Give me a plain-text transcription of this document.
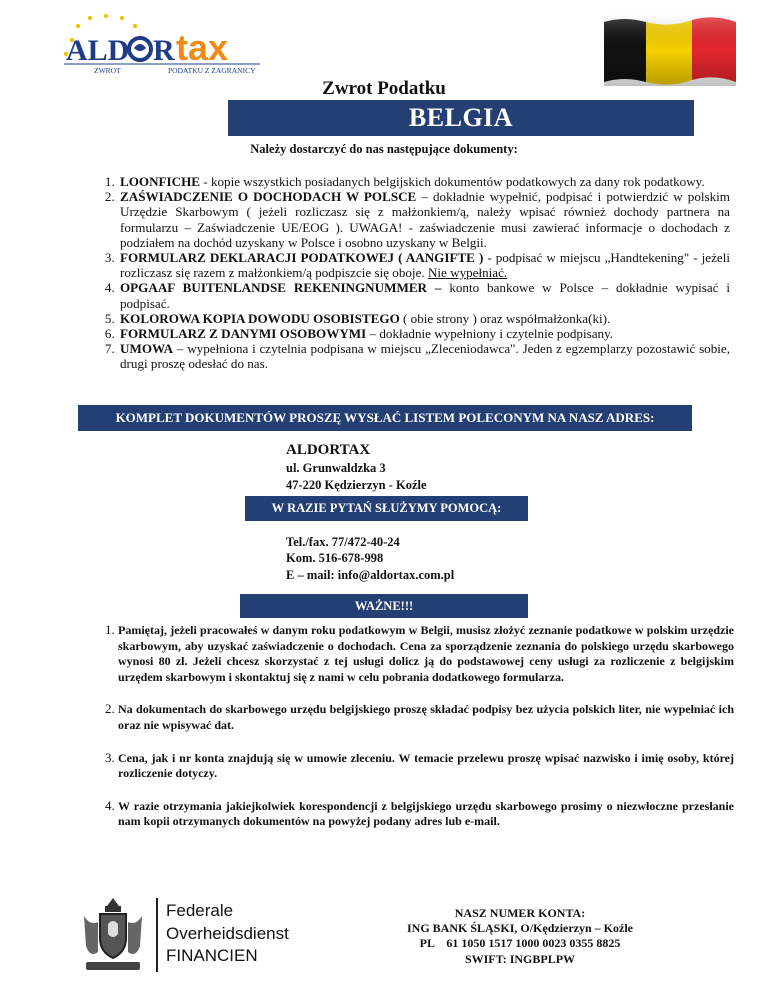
ALD R tax
ZWROT	PODATKU Z ZAGRANICY
Zwrot Podatku
BELGIA
Należy dostarczyć do nas następujące dokumenty:
1. LOONFICHE - kopie wszystkich posiadanych belgijskich dokumentów podatkowych za dany rok podatkowy.
2. ZAŚWIADCZENIE O DOCHODACH W POLSCE – dokładnie wypełnić, podpisać i potwierdzić w polskim Urzędzie Skarbowym ( jeżeli rozliczasz się z małżonkiem/ą, należy wpisać również dochody partnera na formularzu – Zaświadczenie UE/EOG ). UWAGA! - zaświadczenie musi zawierać informacje o dochodach z podziałem na dochód uzyskany w Polsce i osobno uzyskany w Belgii.
3. FORMULARZ DEKLARACJI PODATKOWEJ ( AANGIFTE ) - podpisać w miejscu „Handtekening" - jeżeli rozliczasz się razem z małżonkiem/ą podpiszcie się oboje. Nie wypełniać.
4. OPGAAF BUITENLANDSE REKENINGNUMMER – konto bankowe w Polsce – dokładnie wypisać i podpisać.
5. KOLOROWA KOPIA DOWODU OSOBISTEGO ( obie strony ) oraz współmałżonka(ki).
6. FORMULARZ Z DANYMI OSOBOWYMI – dokładnie wypełniony i czytelnie podpisany.
7. UMOWA – wypełniona i czytelnia podpisana w miejscu „Zleceniodawca". Jeden z egzemplarzy pozostawić sobie, drugi proszę odesłać do nas.
KOMPLET DOKUMENTÓW PROSZĘ WYSŁAĆ LISTEM POLECONYM NA NASZ ADRES:
ALDORTAX
ul. Grunwaldzka 3
47-220 Kędzierzyn - Koźle
W RAZIE PYTAŃ SŁUŻYMY POMOCĄ:
Tel./fax. 77/472-40-24
Kom. 516-678-998
E – mail: info@aldortax.com.pl
WAŻNE!!!
1. Pamiętaj, jeżeli pracowałeś w danym roku podatkowym w Belgii, musisz złożyć zeznanie podatkowe w polskim urzędzie skarbowym, aby uzyskać zaświadczenie o dochodach. Cena za sporządzenie zeznania do polskiego urzędu skarbowego wynosi 80 zł. Jeżeli chcesz skorzystać z tej usługi dolicz ją do podstawowej ceny usługi za rozliczenie z belgijskim urzędem skarbowym i skontaktuj się z nami w celu pobrania dodatkowego formularza.
2. Na dokumentach do skarbowego urzędu belgijskiego proszę składać podpisy bez użycia polskich liter, nie wypełniać ich oraz nie wpisywać dat.
3. Cena, jak i nr konta znajdują się w umowie zleceniu. W temacie przelewu proszę wpisać nazwisko i imię osoby, której rozliczenie dotyczy.
4. W razie otrzymania jakiejkolwiek korespondencji z belgijskiego urzędu skarbowego prosimy o niezwłoczne przesłanie nam kopii otrzymanych dokumentów na powyżej podany adres lub e-mail.
Federale
Overheidsdienst
FINANCIEN
NASZ NUMER KONTA:
ING BANK ŚLĄSKI, O/Kędzierzyn – Koźle
PL    61 1050 1517 1000 0023 0355 8825
SWIFT: INGBPLPW
